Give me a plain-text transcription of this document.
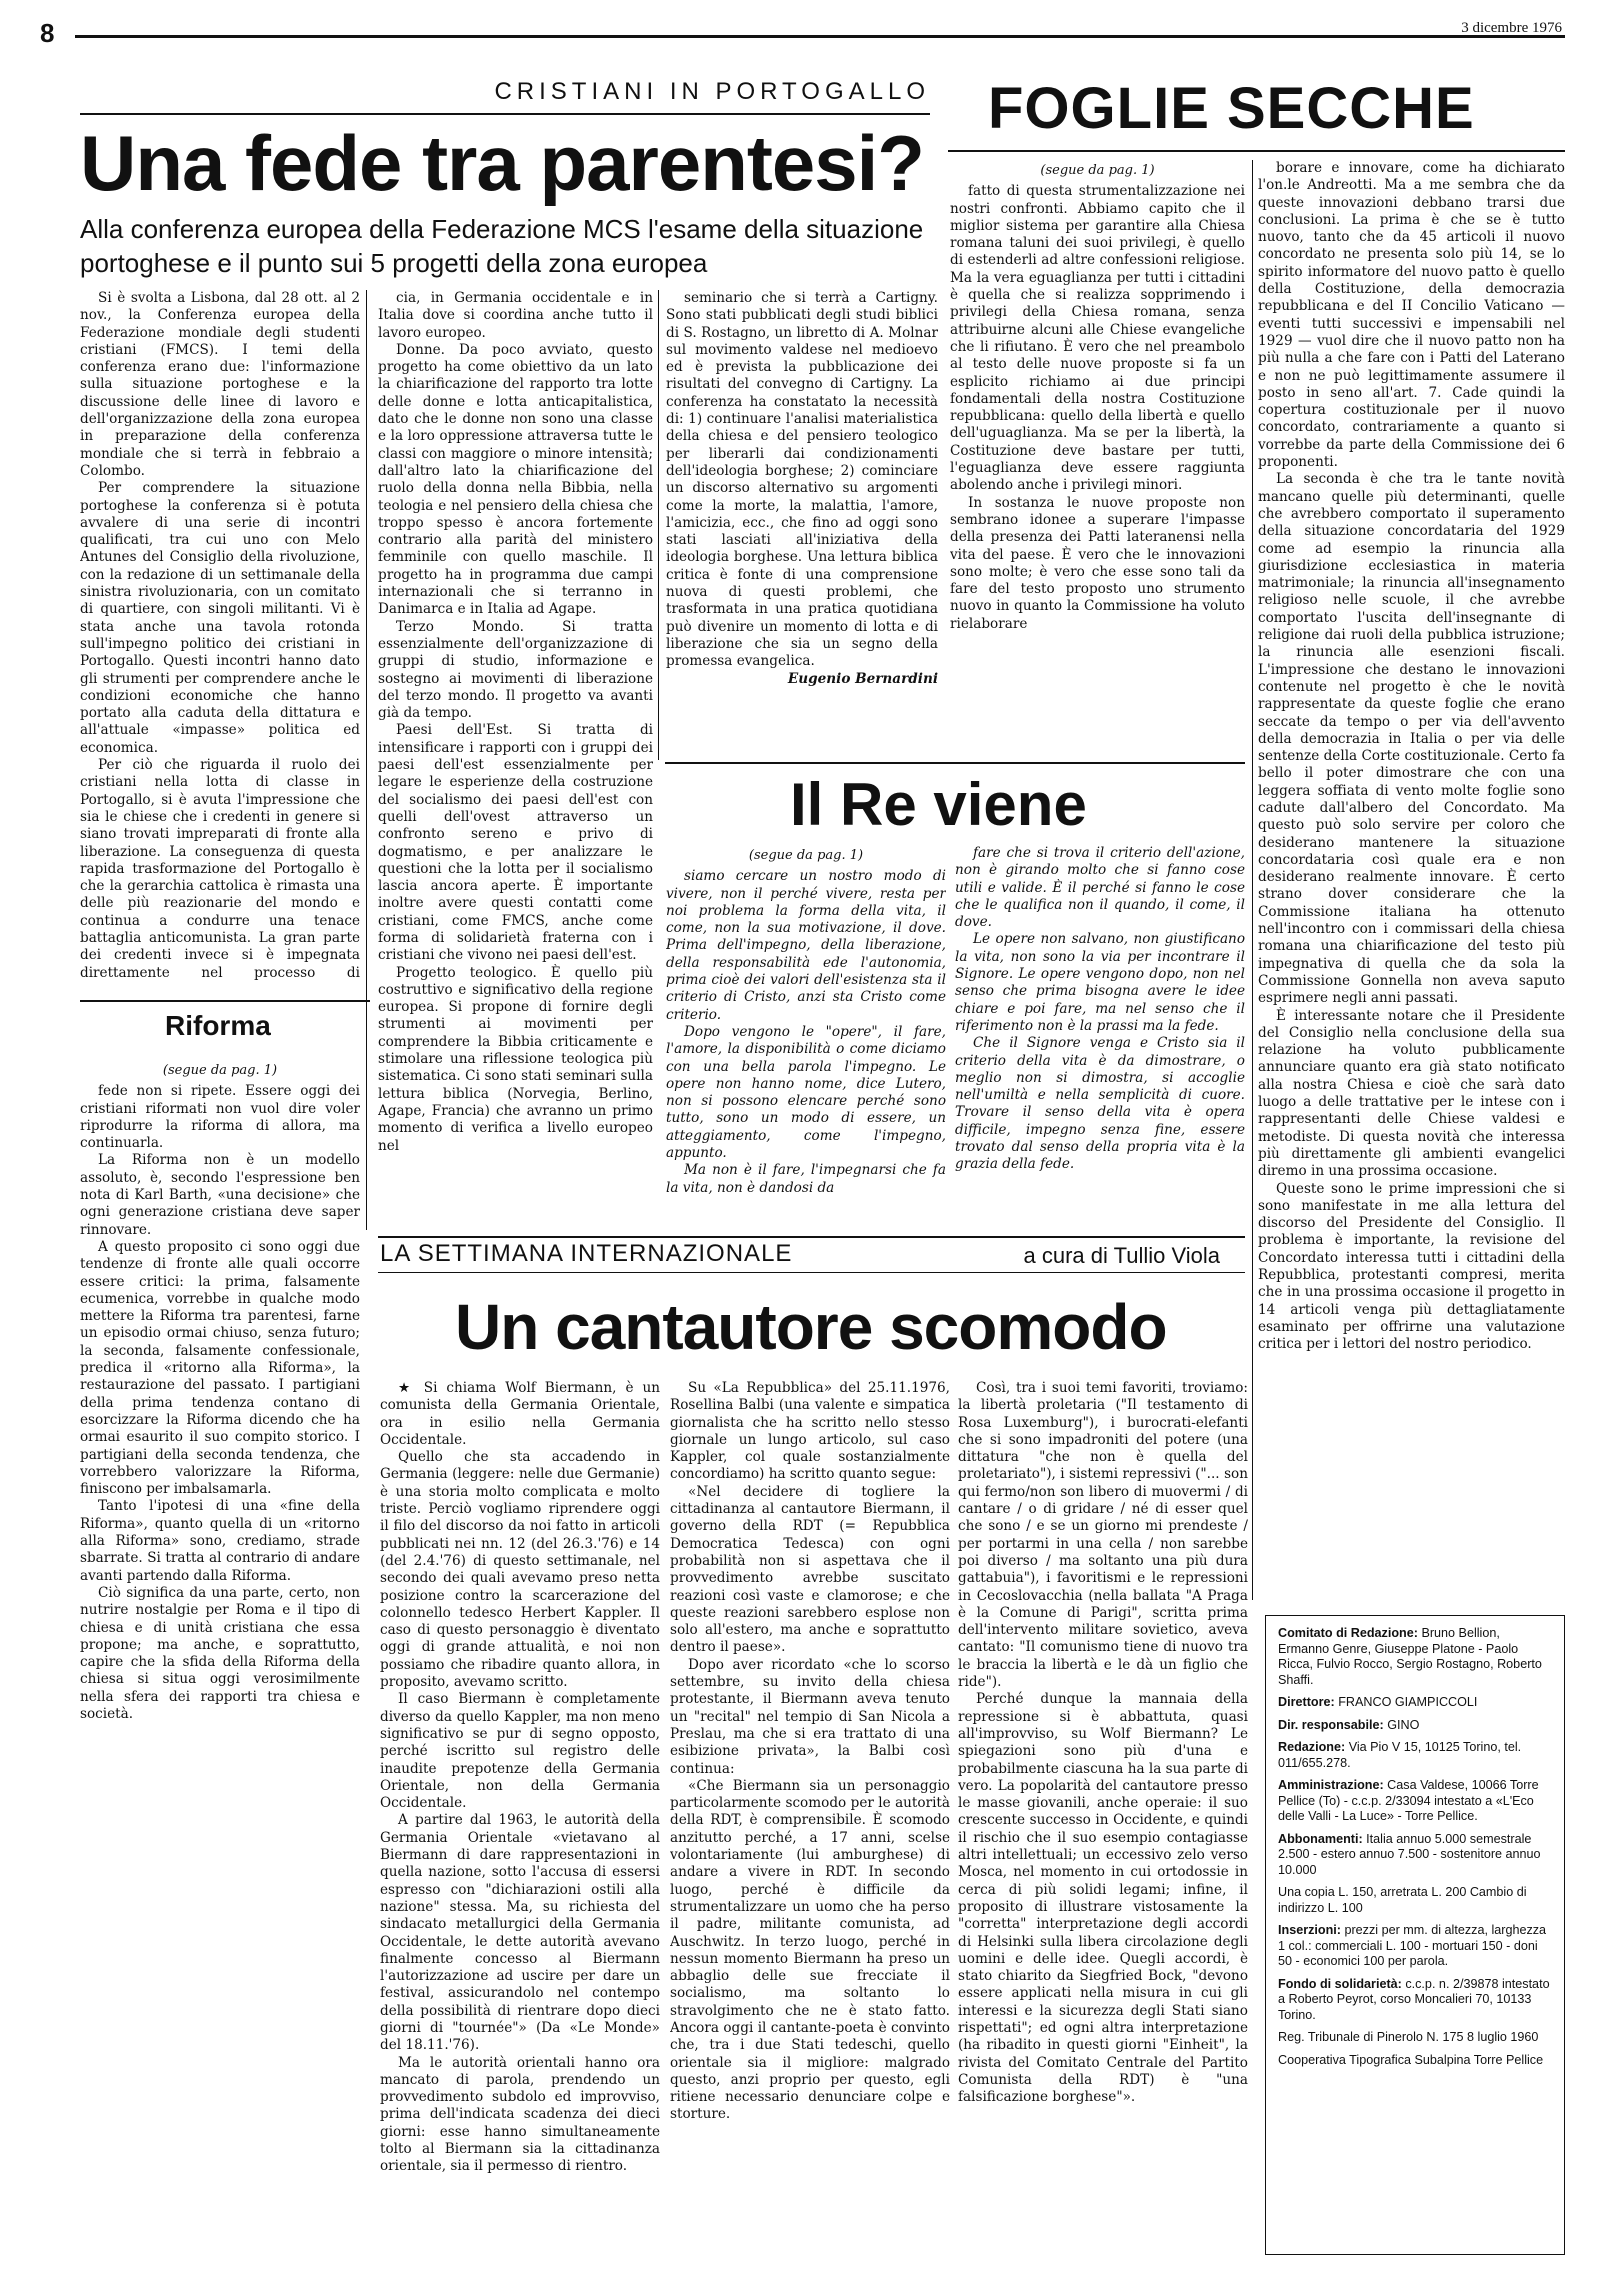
8	3 dicembre 1976
CRISTIANI IN PORTOGALLO
Una fede tra parentesi?
Alla conferenza europea della Federazione MCS l'esame della situazione portoghese e il punto sui 5 progetti della zona europea

Si è svolta a Lisbona, dal 28 ott. al 2 nov., la Conferenza europea della Federazione mondiale degli studenti cristiani (FMCS). I temi della conferenza erano due: l'informazione sulla situazione portoghese e la discussione delle linee di lavoro e dell'organizzazione della zona europea in preparazione della conferenza mondiale che si terrà in febbraio a Colombo.

Per comprendere la situazione portoghese la conferenza si è potuta avvalere di una serie di incontri qualificati, tra cui uno con Melo Antunes del Consiglio della rivoluzione, con la redazione di un settimanale della sinistra rivoluzionaria, con un comitato di quartiere, con singoli militanti. Vi è stata anche una tavola rotonda sull'impegno politico dei cristiani in Portogallo. Questi incontri hanno dato gli strumenti per comprendere anche le condizioni economiche che hanno portato alla caduta della dittatura e all'attuale «impasse» politica ed economica.

Per ciò che riguarda il ruolo dei cristiani nella lotta di classe in Portogallo, si è avuta l'impressione che sia le chiese che i credenti in genere si siano trovati impreparati di fronte alla liberazione. La conseguenza di questa rapida trasformazione del Portogallo è che la gerarchia cattolica è rimasta una delle più reazionarie del mondo e continua a condurre una tenace battaglia anticomunista. La gran parte dei credenti invece si è impegnata direttamente nel processo di

cia, in Germania occidentale e in Italia dove si coordina anche tutto il lavoro europeo.

Donne. Da poco avviato, questo progetto ha come obiettivo da un lato la chiarificazione del rapporto tra lotte delle donne e lotta anticapitalistica, dato che le donne non sono una classe e la loro oppressione attraversa tutte le classi con maggiore o minore intensità; dall'altro lato la chiarificazione del ruolo della donna nella Bibbia, nella teologia e nel pensiero della chiesa che troppo spesso è ancora fortemente contrario alla parità del ministero femminile con quello maschile. Il progetto ha in programma due campi internazionali che si terranno in Danimarca e in Italia ad Agape.

Terzo Mondo. Si tratta essenzialmente dell'organizzazione di gruppi di studio, informazione e sostegno ai movimenti di liberazione del terzo mondo. Il progetto va avanti già da tempo.

Paesi dell'Est. Si tratta di intensificare i rapporti con i gruppi dei paesi dell'est essenzialmente per legare le esperienze della costruzione del socialismo dei paesi dell'est con quelli dell'ovest attraverso un confronto sereno e privo di dogmatismo, e per analizzare le questioni che la lotta per il socialismo lascia ancora aperte. È importante inoltre avere questi contatti come cristiani, come FMCS, anche come forma di solidarietà fraterna con i cristiani che vivono nei paesi dell'est.

Progetto teologico. È quello più costruttivo e significativo della regione europea. Si propone di fornire degli strumenti ai movimenti per comprendere la Bibbia criticamente e stimolare una riflessione teologica più sistematica. Ci sono stati seminari sulla lettura biblica (Norvegia, Berlino, Agape, Francia) che avranno un primo momento di verifica a livello europeo nel

seminario che si terrà a Cartigny. Sono stati pubblicati degli studi biblici di S. Rostagno, un libretto di A. Molnar sul movimento valdese nel medioevo ed è prevista la pubblicazione dei risultati del convegno di Cartigny. La conferenza ha constatato la necessità di: 1) continuare l'analisi materialistica della chiesa e del pensiero teologico per liberarli dai condizionamenti dell'ideologia borghese; 2) cominciare un discorso alternativo su argomenti come la morte, la malattia, l'amore, l'amicizia, ecc., che fino ad oggi sono stati lasciati all'iniziativa della ideologia borghese. Una lettura biblica critica è fonte di una comprensione nuova di questi problemi, che trasformata in una pratica quotidiana può divenire un momento di lotta e di liberazione che sia un segno della promessa evangelica.

Eugenio Bernardini
Riforma
(segue da pag. 1)

fede non si ripete. Essere oggi dei cristiani riformati non vuol dire voler riprodurre la riforma di allora, ma continuarla.

La Riforma non è un modello assoluto, è, secondo l'espressione ben nota di Karl Barth, «una decisione» che ogni generazione cristiana deve saper rinnovare.

A questo proposito ci sono oggi due tendenze di fronte alle quali occorre essere critici: la prima, falsamente ecumenica, vorrebbe in qualche modo mettere la Riforma tra parentesi, farne un episodio ormai chiuso, senza futuro; la seconda, falsamente confessionale, predica il «ritorno alla Riforma», la restaurazione del passato. I partigiani della prima tendenza contano di esorcizzare la Riforma dicendo che ha ormai esaurito il suo compito storico. I partigiani della seconda tendenza, che vorrebbero valorizzare la Riforma, finiscono per imbalsamarla.

Tanto l'ipotesi di una «fine della Riforma», quanto quella di un «ritorno alla Riforma» sono, crediamo, strade sbarrate. Si tratta al contrario di andare avanti partendo dalla Riforma.

Ciò significa da una parte, certo, non nutrire nostalgie per Roma e il tipo di chiesa e di unità cristiana che essa propone; ma anche, e soprattutto, capire che la sfida della Riforma della chiesa si situa oggi verosimilmente nella sfera dei rapporti tra chiesa e società.

FOGLIE SECCHE
(segue da pag. 1)

fatto di questa strumentalizzazione nei nostri confronti. Abbiamo capito che il miglior sistema per garantire alla Chiesa romana taluni dei suoi privilegi, è quello di estenderli ad altre confessioni religiose. Ma la vera eguaglianza per tutti i cittadini è quella che si realizza sopprimendo i privilegi della Chiesa romana, senza attribuirne alcuni alle Chiese evangeliche che li rifiutano. È vero che nel preambolo al testo delle nuove proposte si fa un esplicito richiamo ai due principi fondamentali della nostra Costituzione repubblicana: quello della libertà e quello dell'uguaglianza. Ma se per la libertà, la Costituzione deve bastare per tutti, l'eguaglianza deve essere raggiunta abolendo anche i privilegi minori.

In sostanza le nuove proposte non sembrano idonee a superare l'impasse della presenza dei Patti lateranensi nella vita del paese. È vero che le innovazioni sono molte; è vero che esse sono tali da fare del testo proposto uno strumento nuovo in quanto la Commissione ha voluto rielaborare

borare e innovare, come ha dichiarato l'on.le Andreotti. Ma a me sembra che da queste innovazioni debbano trarsi due conclusioni. La prima è che se è tutto nuovo, tanto che da 45 articoli il nuovo concordato ne presenta solo più 14, se lo spirito informatore del nuovo patto è quello della Costituzione, della democrazia repubblicana e del II Concilio Vaticano — eventi tutti successivi e impensabili nel 1929 — vuol dire che il nuovo patto non ha più nulla a che fare con i Patti del Laterano e non ne può legittimamente assumere il posto in seno all'art. 7. Cade quindi la copertura costituzionale per il nuovo concordato, contrariamente a quanto si vorrebbe da parte della Commissione dei 6 proponenti.

La seconda è che tra le tante novità mancano quelle più determinanti, quelle che avrebbero comportato il superamento della situazione concordataria del 1929 come ad esempio la rinuncia alla giurisdizione ecclesiastica in materia matrimoniale; la rinuncia all'insegnamento religioso nelle scuole, il che avrebbe comportato l'uscita dell'insegnante di religione dai ruoli della pubblica istruzione; la rinuncia alle esenzioni fiscali. L'impressione che destano le innovazioni contenute nel progetto è che le novità rappresentate da queste foglie che erano seccate da tempo o per via dell'avvento della democrazia in Italia o per via delle sentenze della Corte costituzionale. Certo fa bello il poter dimostrare che con una leggera soffiata di vento molte foglie sono cadute dall'albero del Concordato. Ma questo può solo servire per coloro che desiderano mantenere la situazione concordataria così quale era e non desiderano realmente innovare. È certo strano dover considerare che la Commissione italiana ha ottenuto nell'incontro con i commissari della chiesa romana una chiarificazione del testo più impegnativa di quella che da sola la Commissione Gonnella non aveva saputo esprimere negli anni passati.

È interessante notare che il Presidente del Consiglio nella conclusione della sua relazione ha voluto pubblicamente annunciare quanto era già stato notificato alla nostra Chiesa e cioè che sarà dato luogo a delle trattative per le intese con i rappresentanti delle Chiese valdesi e metodiste. Di questa novità che interessa più direttamente gli ambienti evangelici diremo in una prossima occasione.

Queste sono le prime impressioni che si sono manifestate in me alla lettura del discorso del Presidente del Consiglio. Il problema è importante, la revisione del Concordato interessa tutti i cittadini della Repubblica, protestanti compresi, merita che in una prossima occasione il progetto in 14 articoli venga più dettagliatamente esaminato per offrirne una valutazione critica per i lettori del nostro periodico.

Il Re viene
(segue da pag. 1)

siamo cercare un nostro modo di vivere, non il perché vivere, resta per noi problema la forma della vita, il come, non la sua motivazione, il dove. Prima dell'impegno, della liberazione, della responsabilità ede l'autonomia, prima cioè dei valori dell'esistenza sta il criterio di Cristo, anzi sta Cristo come criterio.

Dopo vengono le "opere", il fare, l'amore, la disponibilità o come diciamo con una bella parola l'impegno. Le opere non hanno nome, dice Lutero, non si possono elencare perché sono tutto, sono un modo di essere, un atteggiamento, come l'impegno, appunto.

Ma non è il fare, l'impegnarsi che fa la vita, non è dandosi da

fare che si trova il criterio dell'azione, non è girando molto che si fanno cose utili e valide. È il perché si fanno le cose che le qualifica non il quando, il come, il dove.

Le opere non salvano, non giustificano la vita, non sono la via per incontrare il Signore. Le opere vengono dopo, non nel senso che prima bisogna avere le idee chiare e poi fare, ma nel senso che il riferimento non è la prassi ma la fede.

Che il Signore venga e Cristo sia il criterio della vita è da dimostrare, o meglio non si dimostra, si accoglie nell'umiltà e nella semplicità di cuore. Trovare il senso della vita è opera difficile, impegno senza fine, essere trovato dal senso della propria vita è la grazia della fede.

LA SETTIMANA INTERNAZIONALE	a cura di Tullio Viola
Un cantautore scomodo

★ Si chiama Wolf Biermann, è un comunista della Germania Orientale, ora in esilio nella Germania Occidentale.

Quello che sta accadendo in Germania (leggere: nelle due Germanie) è una storia molto complicata e molto triste. Perciò vogliamo riprendere oggi il filo del discorso da noi fatto in articoli pubblicati nei nn. 12 (del 26.3.'76) e 14 (del 2.4.'76) di questo settimanale, nel secondo dei quali avevamo preso netta posizione contro la scarcerazione del colonnello tedesco Herbert Kappler. Il caso di questo personaggio è diventato oggi di grande attualità, e noi non possiamo che ribadire quanto allora, in proposito, avevamo scritto.

Il caso Biermann è completamente diverso da quello Kappler, ma non meno significativo se pur di segno opposto, perché iscritto sul registro delle inaudite prepotenze della Germania Orientale, non della Germania Occidentale.

A partire dal 1963, le autorità della Germania Orientale «vietavano al Biermann di dare rappresentazioni in quella nazione, sotto l'accusa di essersi espresso con "dichiarazioni ostili alla nazione" stessa. Ma, su richiesta del sindacato metallurgici della Germania Occidentale, le dette autorità avevano finalmente concesso al Biermann l'autorizzazione ad uscire per dare un festival, assicurandolo nel contempo della possibilità di rientrare dopo dieci giorni di "tournée"» (Da «Le Monde» del 18.11.'76).

Ma le autorità orientali hanno ora mancato di parola, prendendo un provvedimento subdolo ed improvviso, prima dell'indicata scadenza dei dieci giorni: esse hanno simultaneamente tolto al Biermann sia la cittadinanza orientale, sia il permesso di rientro.

Su «La Repubblica» del 25.11.1976, Rosellina Balbi (una valente e simpatica giornalista che ha scritto nello stesso giornale un lungo articolo, sul caso Kappler, col quale sostanzialmente concordiamo) ha scritto quanto segue:

«Nel decidere di togliere la cittadinanza al cantautore Biermann, il governo della RDT (= Repubblica Democratica Tedesca) con ogni probabilità non si aspettava che il provvedimento avrebbe suscitato reazioni così vaste e clamorose; e che queste reazioni sarebbero esplose non solo all'estero, ma anche e soprattutto dentro il paese».

Dopo aver ricordato «che lo scorso settembre, su invito della chiesa protestante, il Biermann aveva tenuto un "recital" nel tempio di San Nicola a Preslau, ma che si era trattato di una esibizione privata», la Balbi così continua:

«Che Biermann sia un personaggio particolarmente scomodo per le autorità della RDT, è comprensibile. È scomodo anzitutto perché, a 17 anni, scelse volontariamente (lui amburghese) di andare a vivere in RDT. In secondo luogo, perché è difficile da strumentalizzare un uomo che ha perso il padre, militante comunista, ad Auschwitz. In terzo luogo, perché in nessun momento Biermann ha preso un abbaglio delle sue frecciate il socialismo, ma soltanto lo stravolgimento che ne è stato fatto. Ancora oggi il cantante-poeta è convinto che, tra i due Stati tedeschi, quello orientale sia il migliore: malgrado questo, anzi proprio per questo, egli ritiene necessario denunciare colpe e storture.

Così, tra i suoi temi favoriti, troviamo: la libertà proletaria ("Il testamento di Rosa Luxemburg"), i burocrati-elefanti che si sono impadroniti del potere (una dittatura "che non è quella del proletariato"), i sistemi repressivi ("... son qui fermo/non son libero di muovermi / di cantare / o di gridare / né di esser quel che sono / e se un giorno mi prendeste / per portarmi in una cella / non sarebbe poi diverso / ma soltanto una più dura gattabuia"), i favoritismi e le repressioni in Cecoslovacchia (nella ballata "A Praga è la Comune di Parigi", scritta prima dell'intervento militare sovietico, aveva cantato: "Il comunismo tiene di nuovo tra le braccia la libertà e le dà un figlio che ride").

Perché dunque la mannaia della repressione si è abbattuta, quasi all'improvviso, su Wolf Biermann? Le spiegazioni sono più d'una e probabilmente ciascuna ha la sua parte di vero. La popolarità del cantautore presso le masse giovanili, anche operaie: il suo crescente successo in Occidente, e quindi il rischio che il suo esempio contagiasse altri intellettuali; un eccessivo zelo verso Mosca, nel momento in cui ortodossie in cerca di più solidi legami; infine, il proposito di illustrare vistosamente la "corretta" interpretazione degli accordi di Helsinki sulla libera circolazione degli uomini e delle idee. Quegli accordi, è stato chiarito da Siegfried Bock, "devono essere applicati nella misura in cui gli interessi e la sicurezza degli Stati siano rispettati"; ed ogni altra interpretazione (ha ribadito in questi giorni "Einheit", la rivista del Comitato Centrale del Partito Comunista della RDT) è "una falsificazione borghese"».

Comitato di Redazione: Bruno Bellion, Ermanno Genre, Giuseppe Platone - Paolo Ricca, Fulvio Rocco, Sergio Rostagno, Roberto Shaffi.
Direttore: FRANCO GIAMPICCOLI
Dir. responsabile: GINO
Redazione: Via Pio V 15, 10125 Torino, tel. 011/655.278.
Amministrazione: Casa Valdese, 10066 Torre Pellice (To) - c.c.p. 2/33094 intestato a «L'Eco delle Valli - La Luce» - Torre Pellice.
Abbonamenti: Italia annuo 5.000 semestrale 2.500 - estero annuo 7.500 - sostenitore annuo 10.000
Una copia L. 150, arretrata L. 200 Cambio di indirizzo L. 100
Inserzioni: prezzi per mm. di altezza, larghezza 1 col.: commerciali L. 100 - mortuari 150 - doni 50 - economici 100 per parola.
Fondo di solidarietà: c.c.p. n. 2/39878 intestato a Roberto Peyrot, corso Moncalieri 70, 10133 Torino.
Reg. Tribunale di Pinerolo N. 175 8 luglio 1960
Cooperativa Tipografica Subalpina Torre Pellice
